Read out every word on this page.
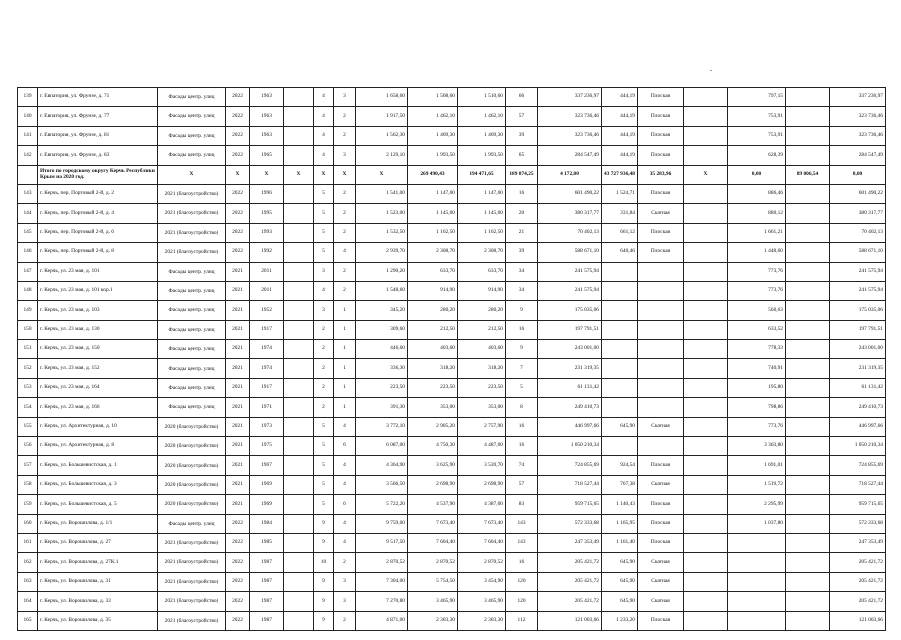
139	г. Евпатория, ул. Фрунзе, д. 71	Фасады центр. улиц	2022	1963		4	3	1 658,60	1 508,60	1 510,60	66	337 236,97	444,19	Плоская		797,15		337 236,97	
140	г. Евпатория, ул. Фрунзе, д. 77	Фасады центр. улиц	2022	1963		4	2	1 917,50	1 462,10	1 462,10	57	323 736,46	444,19	Плоская		753,91		323 736,46	
141	г. Евпатория, ул. Фрунзе, д. 81	Фасады центр. улиц	2022	1963		4	2	1 562,30	1 469,30	1 469,30	39	323 736,46	444,19	Плоская		753,91		323 736,46	
142	г. Евпатория, ул. Фрунзе, д. 83	Фасады центр. улиц	2022	1965		4	3	2 129,10	1 993,50	1 993,50	65	284 547,49	444,19	Плоская		628,39		284 547,49	
	Итого по городскому округу Керчь Республики Крым на 2020 год.	X	X	X	X	X	X	X	269 490,43	194 471,65	189 874,25	4 172,00	43 727 936,48	35 283,96	X	0,00	89 006,54	0,00	
143	г. Керчь, пер. Портовый 2-й, д. 2	2021 (благоустройство)	2022	1996		5	2	1 541,00	1 147,00	1 147,00	16	601 490,22	1 524,71	Плоская		886,46		601 490,22	
144	г. Керчь, пер. Портовый 2-й, д. 4	2021 (благоустройство)	2022	1995		5	2	1 523,00	1 145,00	1 145,00	20	380 317,77	331,84	Скатная		880,12		380 317,77	
145	г. Керчь, пер. Портовый 2-й, д. 6	2021 (благоустройство)	2022	1993		5	2	1 532,50	1 162,50	1 162,50	21	70 402,13	661,12	Плоская		1 661,21		70 402,13	
146	г. Керчь, пер. Портовый 2-й, д. 8	2021 (благоустройство)	2022	1992		5	4	2 939,70	2 308,70	2 308,70	39	588 671,10	640,46	Плоская		1 448,60		588 671,10	
147	г. Керчь, ул. 23 мая, д. 101	Фасады центр. улиц	2021	2011		3	2	1 290,20	633,70	633,70	34	241 575,94				773,76		241 575,94	
148	г. Керчь, ул. 23 мая, д. 101 кор.1	Фасады центр. улиц	2021	2011		4	2	1 548,60	914,90	914,90	34	241 575,94				773,76		241 575,94	
149	г. Керчь, ул. 23 мая, д. 103	Фасады центр. улиц	2021	1952		3	1	345,20	280,20	280,20	9	175 035,06				560,63		175 035,06	
150	г. Керчь, ул. 23 мая, д. 130	Фасады центр. улиц	2021	1917		2	1	309,60	212,50	212,50	16	197 791,51				633,52		197 791,51	
151	г. Керчь, ул. 23 мая, д. 150	Фасады центр. улиц	2021	1974		2	1	446,60	403,60	403,60	9	243 001,00				778,33		243 001,00	
152	г. Керчь, ул. 23 мая, д. 152	Фасады центр. улиц	2021	1974		2	1	336,30	318,20	318,20	7	231 319,35				740,91		231 319,35	
153	г. Керчь, ул. 23 мая, д. 164	Фасады центр. улиц	2021	1917		2	1	223,50	223,50	223,50	5	61 131,42				195,80		61 131,42	
154	г. Керчь, ул. 23 мая, д. 166	Фасады центр. улиц	2021	1971		2	1	391,30	353,00	353,00	8	249 410,73				798,86		249 410,73	
155	г. Керчь, ул. Архитектурная, д. 10	2020 (благоустройство)	2021	1973		5	4	3 772,10	2 905,20	2 757,90	16	446 997,66	645,90	Скатная		773,76		446 997,66	
156	г. Керчь, ул. Архитектурная, д. 8	2020 (благоустройство)	2021	1975		5	6	6 087,00	4 750,30	4 487,00	16	1 050 210,34				3 363,80		1 050 210,34	
157	г. Керчь, ул. Большевистская, д. 1	2020 (благоустройство)	2021	1967		5	4	4 364,90	3 625,90	3 520,70	74	724 855,69	924,54	Плоская		1 691,01		724 855,69	
158	г. Керчь, ул. Большевистская, д. 3	2020 (благоустройство)	2021	1969		5	4	3 566,50	2 698,90	2 698,90	57	718 527,44	767,38	Скатная		1 519,72		718 527,44	
159	г. Керчь, ул. Большевистская, д. 5	2020 (благоустройство)	2021	1969		5	6	5 722,20	4 537,90	4 387,00	83	959 715,65	1 140,43	Плоская		2 295,99		959 715,65	
160	г. Керчь, ул. Ворошилова, д. 1/1	Фасады центр. улиц	2022	1984		9	4	9 759,00	7 673,40	7 673,40	143	572 333,68	1 165,95	Плоская		1 037,80		572 333,68	
161	г. Керчь, ул. Ворошилова, д. 27	2021 (благоустройство)	2022	1985		9	4	9 517,50	7 604,40	7 604,40	143	247 353,49	1 161,40	Плоская				247 353,49	
162	г. Керчь, ул. Ворошилова, д. 27К.1	2021 (благоустройство)	2022	1987		10	2	2 870,52	2 870,52	2 870,52	16	205 421,72	645,90	Скатная				205 421,72	
163	г. Керчь, ул. Ворошилова, д. 31	2021 (благоустройство)	2022	1987		9	3	7 304,00	5 754,50	3 454,90	120	205 421,72	645,90	Скатная				205 421,72	
164	г. Керчь, ул. Ворошилова, д. 33	2021 (благоустройство)	2022	1987		9	3	7 270,80	3 465,90	3 465,90	120	205 421,72	645,90	Скатная				205 421,72	
165	г. Керчь, ул. Ворошилова, д. 35	2021 (благоустройство)	2022	1987		9	2	4 871,00	2 303,30	2 303,30	112	121 003,66	1 233,20	Плоская				121 003,66	
